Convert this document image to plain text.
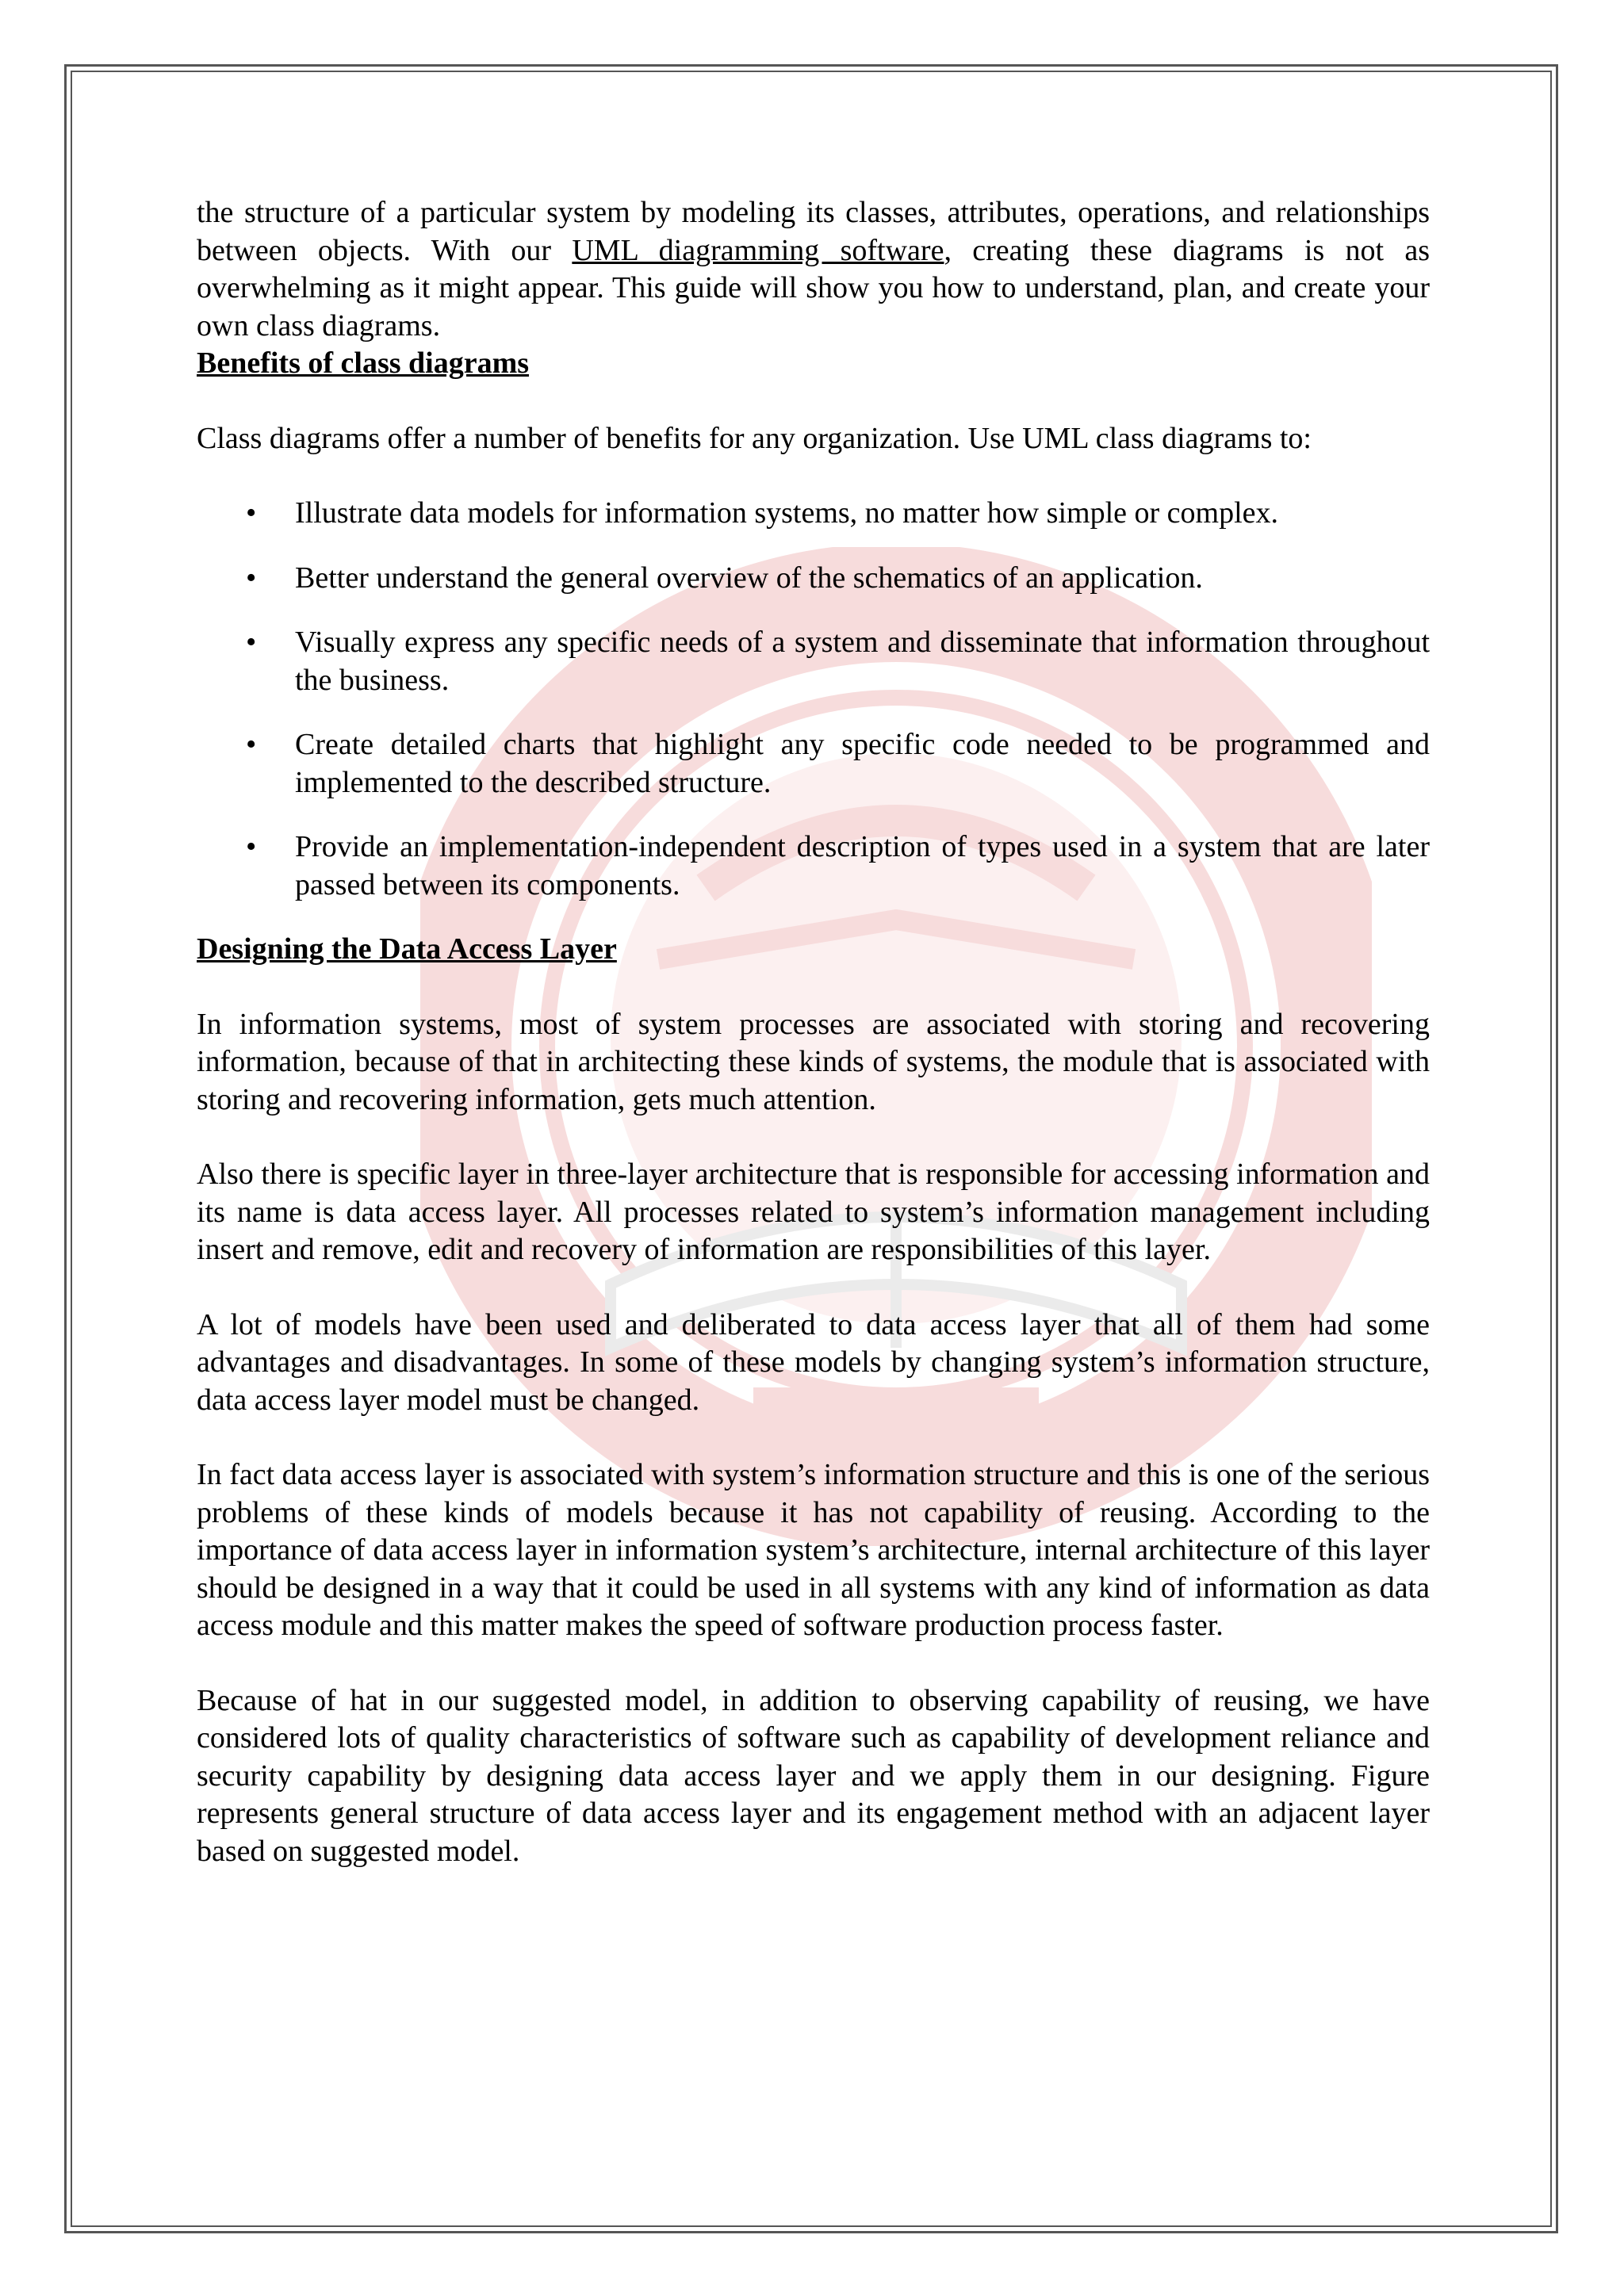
the structure of a particular system by modeling its classes, attributes, operations, and relationships between objects. With our UML diagramming software, creating these diagrams is not as overwhelming as it might appear. This guide will show you how to understand, plan, and create your own class diagrams.

Benefits of class diagrams

Class diagrams offer a number of benefits for any organization. Use UML class diagrams to:

• Illustrate data models for information systems, no matter how simple or complex.
• Better understand the general overview of the schematics of an application.
• Visually express any specific needs of a system and disseminate that information throughout the business.
• Create detailed charts that highlight any specific code needed to be programmed and implemented to the described structure.
• Provide an implementation-independent description of types used in a system that are later passed between its components.

Designing the Data Access Layer

In information systems, most of system processes are associated with storing and recovering information, because of that in architecting these kinds of systems, the module that is associated with storing and recovering information, gets much attention.

Also there is specific layer in three-layer architecture that is responsible for accessing information and its name is data access layer. All processes related to system’s information management including insert and remove, edit and recovery of information are responsibilities of this layer.

A lot of models have been used and deliberated to data access layer that all of them had some advantages and disadvantages. In some of these models by changing system’s information structure, data access layer model must be changed.

In fact data access layer is associated with system’s information structure and this is one of the serious problems of these kinds of models because it has not capability of reusing. According to the importance of data access layer in information system’s architecture, internal architecture of this layer should be designed in a way that it could be used in all systems with any kind of information as data access module and this matter makes the speed of software production process faster.

Because of hat in our suggested model, in addition to observing capability of reusing, we have considered lots of quality characteristics of software such as capability of development reliance and security capability by designing data access layer and we apply them in our designing. Figure represents general structure of data access layer and its engagement method with an adjacent layer based on suggested model.
